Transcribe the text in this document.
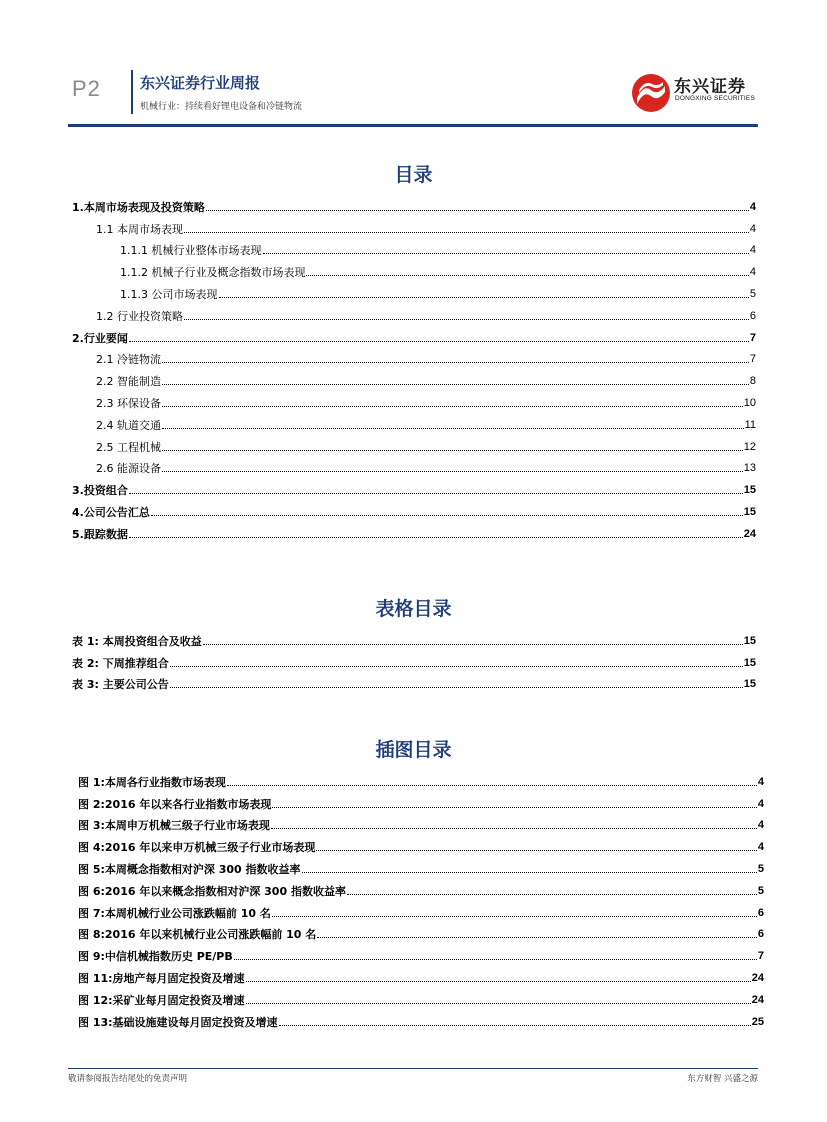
P2	东兴证券行业周报
机械行业：持续看好锂电设备和冷链物流
东兴证券
DONGXING SECURITIES
目录
1.本周市场表现及投资策略	4
1.1 本周市场表现	4
1.1.1 机械行业整体市场表现	4
1.1.2 机械子行业及概念指数市场表现	4
1.1.3 公司市场表现	5
1.2 行业投资策略	6
2.行业要闻	7
2.1 冷链物流	7
2.2 智能制造	8
2.3 环保设备	10
2.4 轨道交通	11
2.5 工程机械	12
2.6 能源设备	13
3.投资组合	15
4.公司公告汇总	15
5.跟踪数据	24
表格目录
表 1: 本周投资组合及收益	15
表 2: 下周推荐组合	15
表 3: 主要公司公告	15
插图目录
图 1:本周各行业指数市场表现	4
图 2:2016 年以来各行业指数市场表现	4
图 3:本周申万机械三级子行业市场表现	4
图 4:2016 年以来申万机械三级子行业市场表现	4
图 5:本周概念指数相对沪深 300 指数收益率	5
图 6:2016 年以来概念指数相对沪深 300 指数收益率	5
图 7:本周机械行业公司涨跌幅前 10 名	6
图 8:2016 年以来机械行业公司涨跌幅前 10 名	6
图 9:中信机械指数历史 PE/PB	7
图 11:房地产每月固定投资及增速	24
图 12:采矿业每月固定投资及增速	24
图 13:基础设施建设每月固定投资及增速	25
敬请参阅报告结尾处的免责声明	东方财智 兴盛之源
